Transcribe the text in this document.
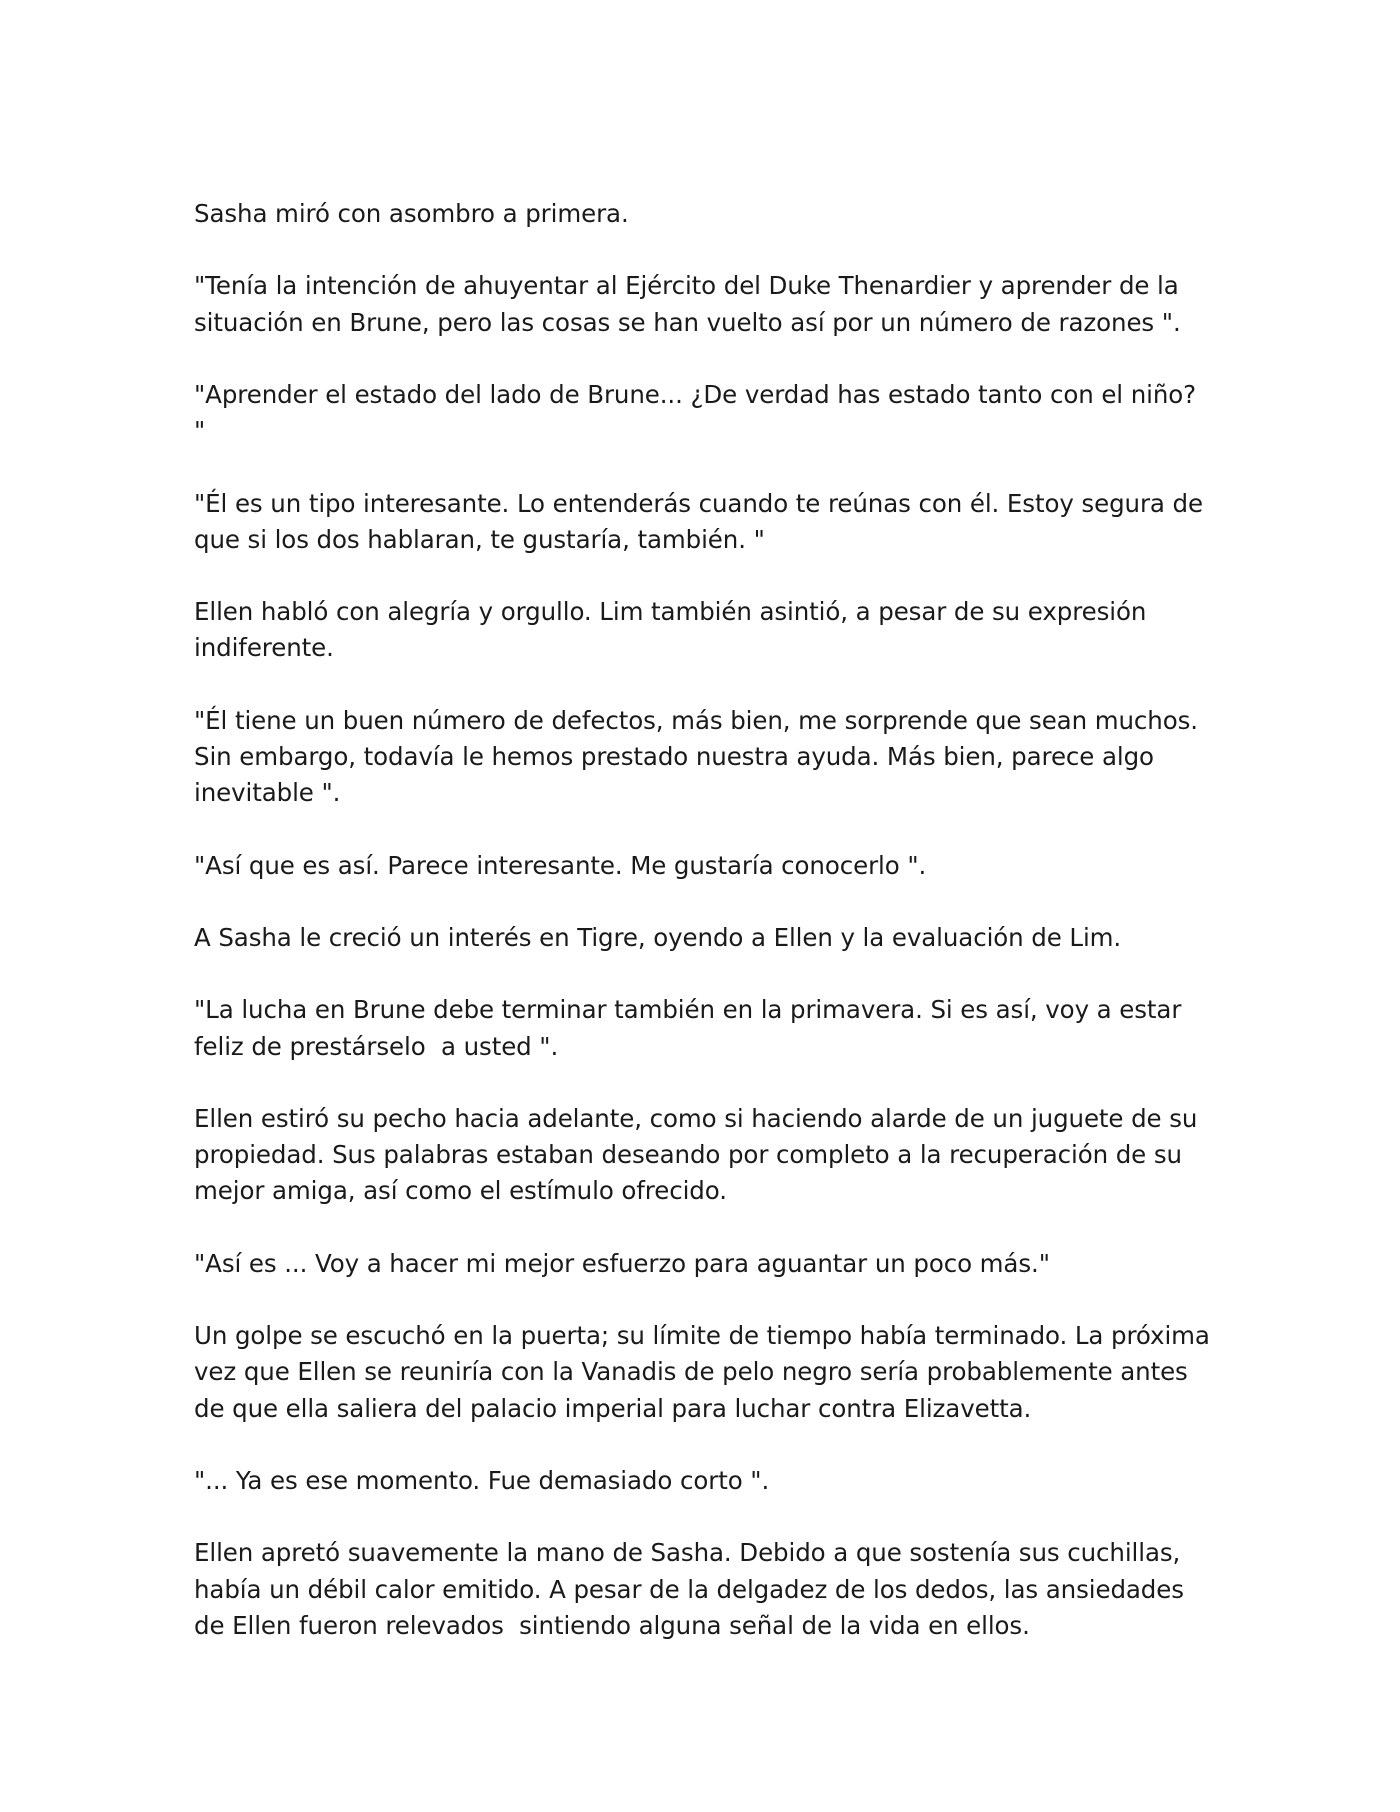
Sasha miró con asombro a primera.

"Tenía la intención de ahuyentar al Ejército del Duke Thenardier y aprender de la situación en Brune, pero las cosas se han vuelto así por un número de razones ".

"Aprender el estado del lado de Brune... ¿De verdad has estado tanto con el niño? "

"Él es un tipo interesante. Lo entenderás cuando te reúnas con él. Estoy segura de que si los dos hablaran, te gustaría, también. "

Ellen habló con alegría y orgullo. Lim también asintió, a pesar de su expresión indiferente.

"Él tiene un buen número de defectos, más bien, me sorprende que sean muchos. Sin embargo, todavía le hemos prestado nuestra ayuda. Más bien, parece algo inevitable ".

"Así que es así. Parece interesante. Me gustaría conocerlo ".

A Sasha le creció un interés en Tigre, oyendo a Ellen y la evaluación de Lim.

"La lucha en Brune debe terminar también en la primavera. Si es así, voy a estar feliz de prestárselo  a usted ".

Ellen estiró su pecho hacia adelante, como si haciendo alarde de un juguete de su propiedad. Sus palabras estaban deseando por completo a la recuperación de su mejor amiga, así como el estímulo ofrecido.

"Así es ... Voy a hacer mi mejor esfuerzo para aguantar un poco más."

Un golpe se escuchó en la puerta; su límite de tiempo había terminado. La próxima vez que Ellen se reuniría con la Vanadis de pelo negro sería probablemente antes de que ella saliera del palacio imperial para luchar contra Elizavetta.

"... Ya es ese momento. Fue demasiado corto ".

Ellen apretó suavemente la mano de Sasha. Debido a que sostenía sus cuchillas, había un débil calor emitido. A pesar de la delgadez de los dedos, las ansiedades de Ellen fueron relevados  sintiendo alguna señal de la vida en ellos.
